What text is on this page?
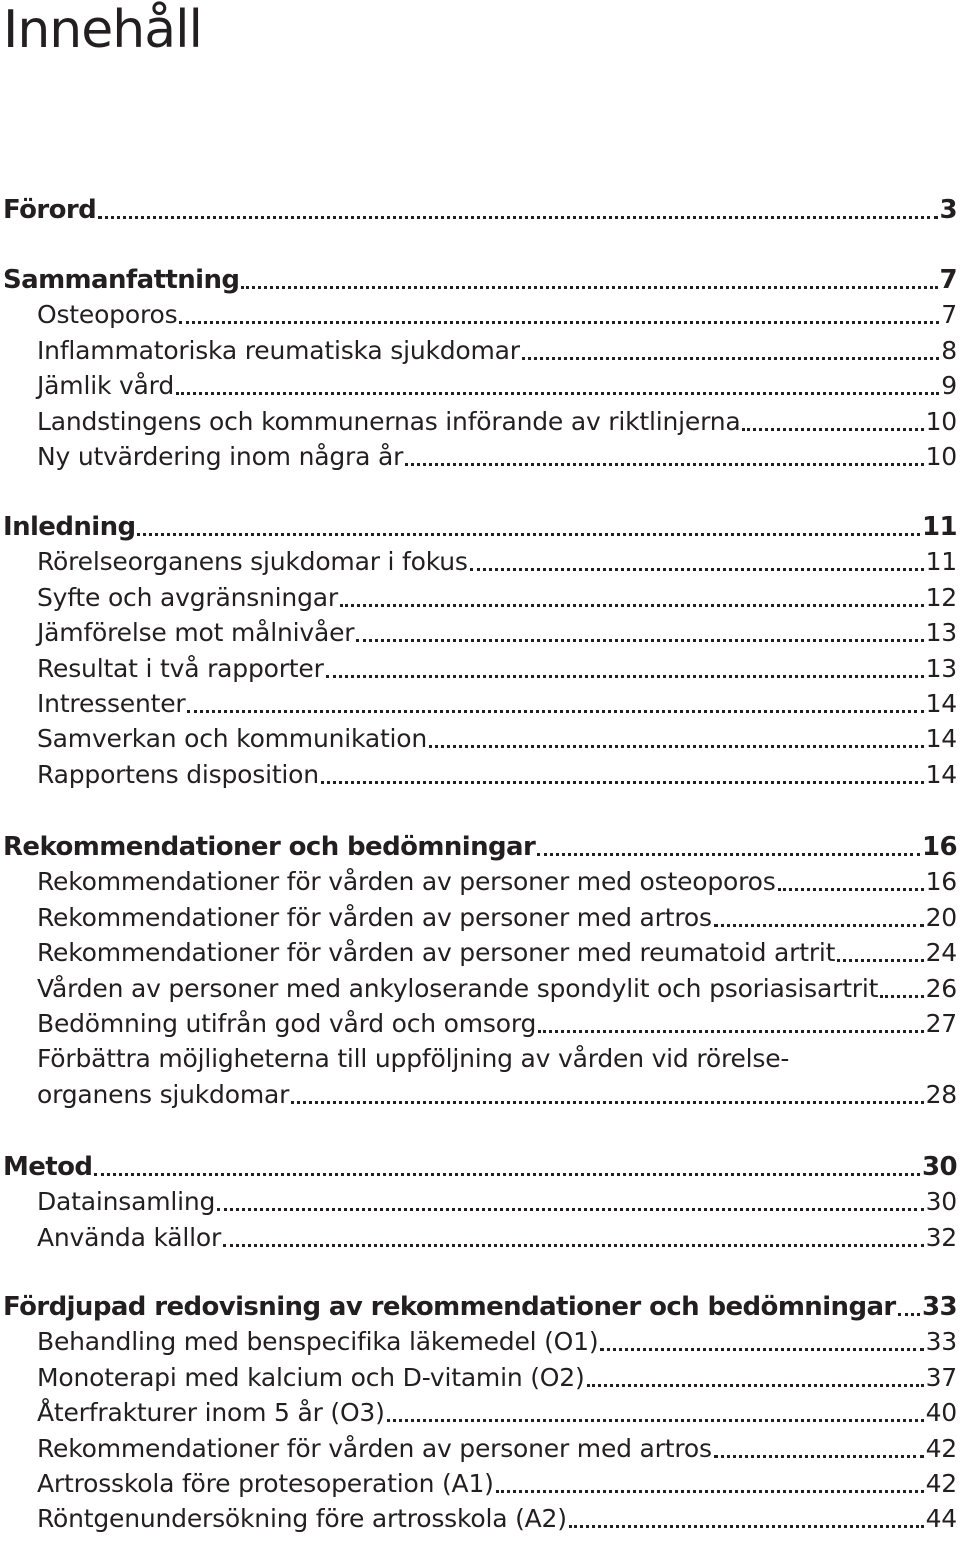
Innehåll
Förord	3
Sammanfattning	7
Osteoporos	7
Inflammatoriska reumatiska sjukdomar	8
Jämlik vård	9
Landstingens och kommunernas införande av riktlinjerna	10
Ny utvärdering inom några år	10
Inledning	11
Rörelseorganens sjukdomar i fokus	11
Syfte och avgränsningar	12
Jämförelse mot målnivåer	13
Resultat i två rapporter	13
Intressenter	14
Samverkan och kommunikation	14
Rapportens disposition	14
Rekommendationer och bedömningar	16
Rekommendationer för vården av personer med osteoporos	16
Rekommendationer för vården av personer med artros	20
Rekommendationer för vården av personer med reumatoid artrit	24
Vården av personer med ankyloserande spondylit och psoriasisartrit 26
Bedömning utifrån god vård och omsorg	27
Förbättra möjligheterna till uppföljning av vården vid rörelse-
organens sjukdomar	28
Metod	30
Datainsamling	30
Använda källor	32
Fördjupad redovisning av rekommendationer och bedömningar 33
Behandling med benspecifika läkemedel (O1)	33
Monoterapi med kalcium och D-vitamin (O2)	37
Återfrakturer inom 5 år (O3)	40
Rekommendationer för vården av personer med artros	42
Artrosskola före protesoperation (A1)	42
Röntgenundersökning före artrosskola (A2)	44
